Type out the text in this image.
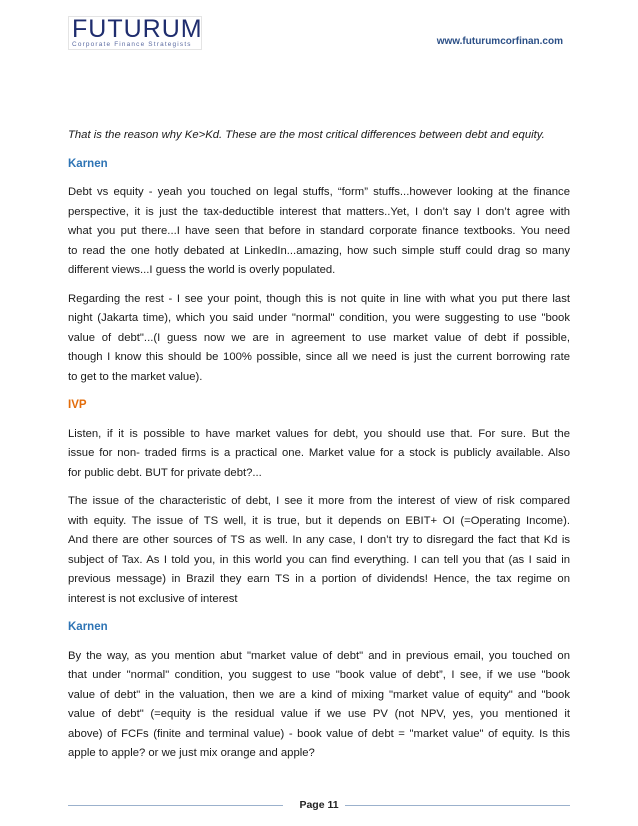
FUTURUM
Corporate Finance Strategists	www.futurumcorfinan.com
That is the reason why Ke>Kd. These are the most critical differences between debt and equity.
Karnen
Debt vs equity - yeah you touched on legal stuffs, “form” stuffs...however looking at the finance
perspective, it is just the tax-deductible interest that matters..Yet, I don’t say I don’t agree with
what you put there...I have seen that before in standard corporate finance textbooks. You need
to read the one hotly debated at LinkedIn...amazing, how such simple stuff could drag so many
different views...I guess the world is overly populated.
Regarding the rest - I see your point, though this is not quite in line with what you put there last
night (Jakarta time), which you said under "normal" condition, you were suggesting to use "book
value of debt"...(I guess now we are in agreement to use market value of debt if possible,
though I know this should be 100% possible, since all we need is just the current borrowing rate
to get to the market value).
IVP
Listen, if it is possible to have market values for debt, you should use that. For sure. But the
issue for non- traded firms is a practical one. Market value for a stock is publicly available. Also
for public debt. BUT for private debt?...
The issue of the characteristic of debt, I see it more from the interest of view of risk compared
with equity. The issue of TS well, it is true, but it depends on EBIT+ OI (=Operating Income).
And there are other sources of TS as well. In any case, I don’t try to disregard the fact that Kd is
subject of Tax. As I told you, in this world you can find everything. I can tell you that (as I said in
previous message) in Brazil they earn TS in a portion of dividends! Hence, the tax regime on
interest is not exclusive of interest
Karnen
By the way, as you mention abut "market value of debt" and in previous email, you touched on
that under "normal" condition, you suggest to use "book value of debt”, I see, if we use "book
value of debt" in the valuation, then we are a kind of mixing "market value of equity" and "book
value of debt" (=equity is the residual value if we use PV (not NPV, yes, you mentioned it
above) of FCFs (finite and terminal value) - book value of debt = "market value" of equity. Is this
apple to apple? or we just mix orange and apple?
Page 11
